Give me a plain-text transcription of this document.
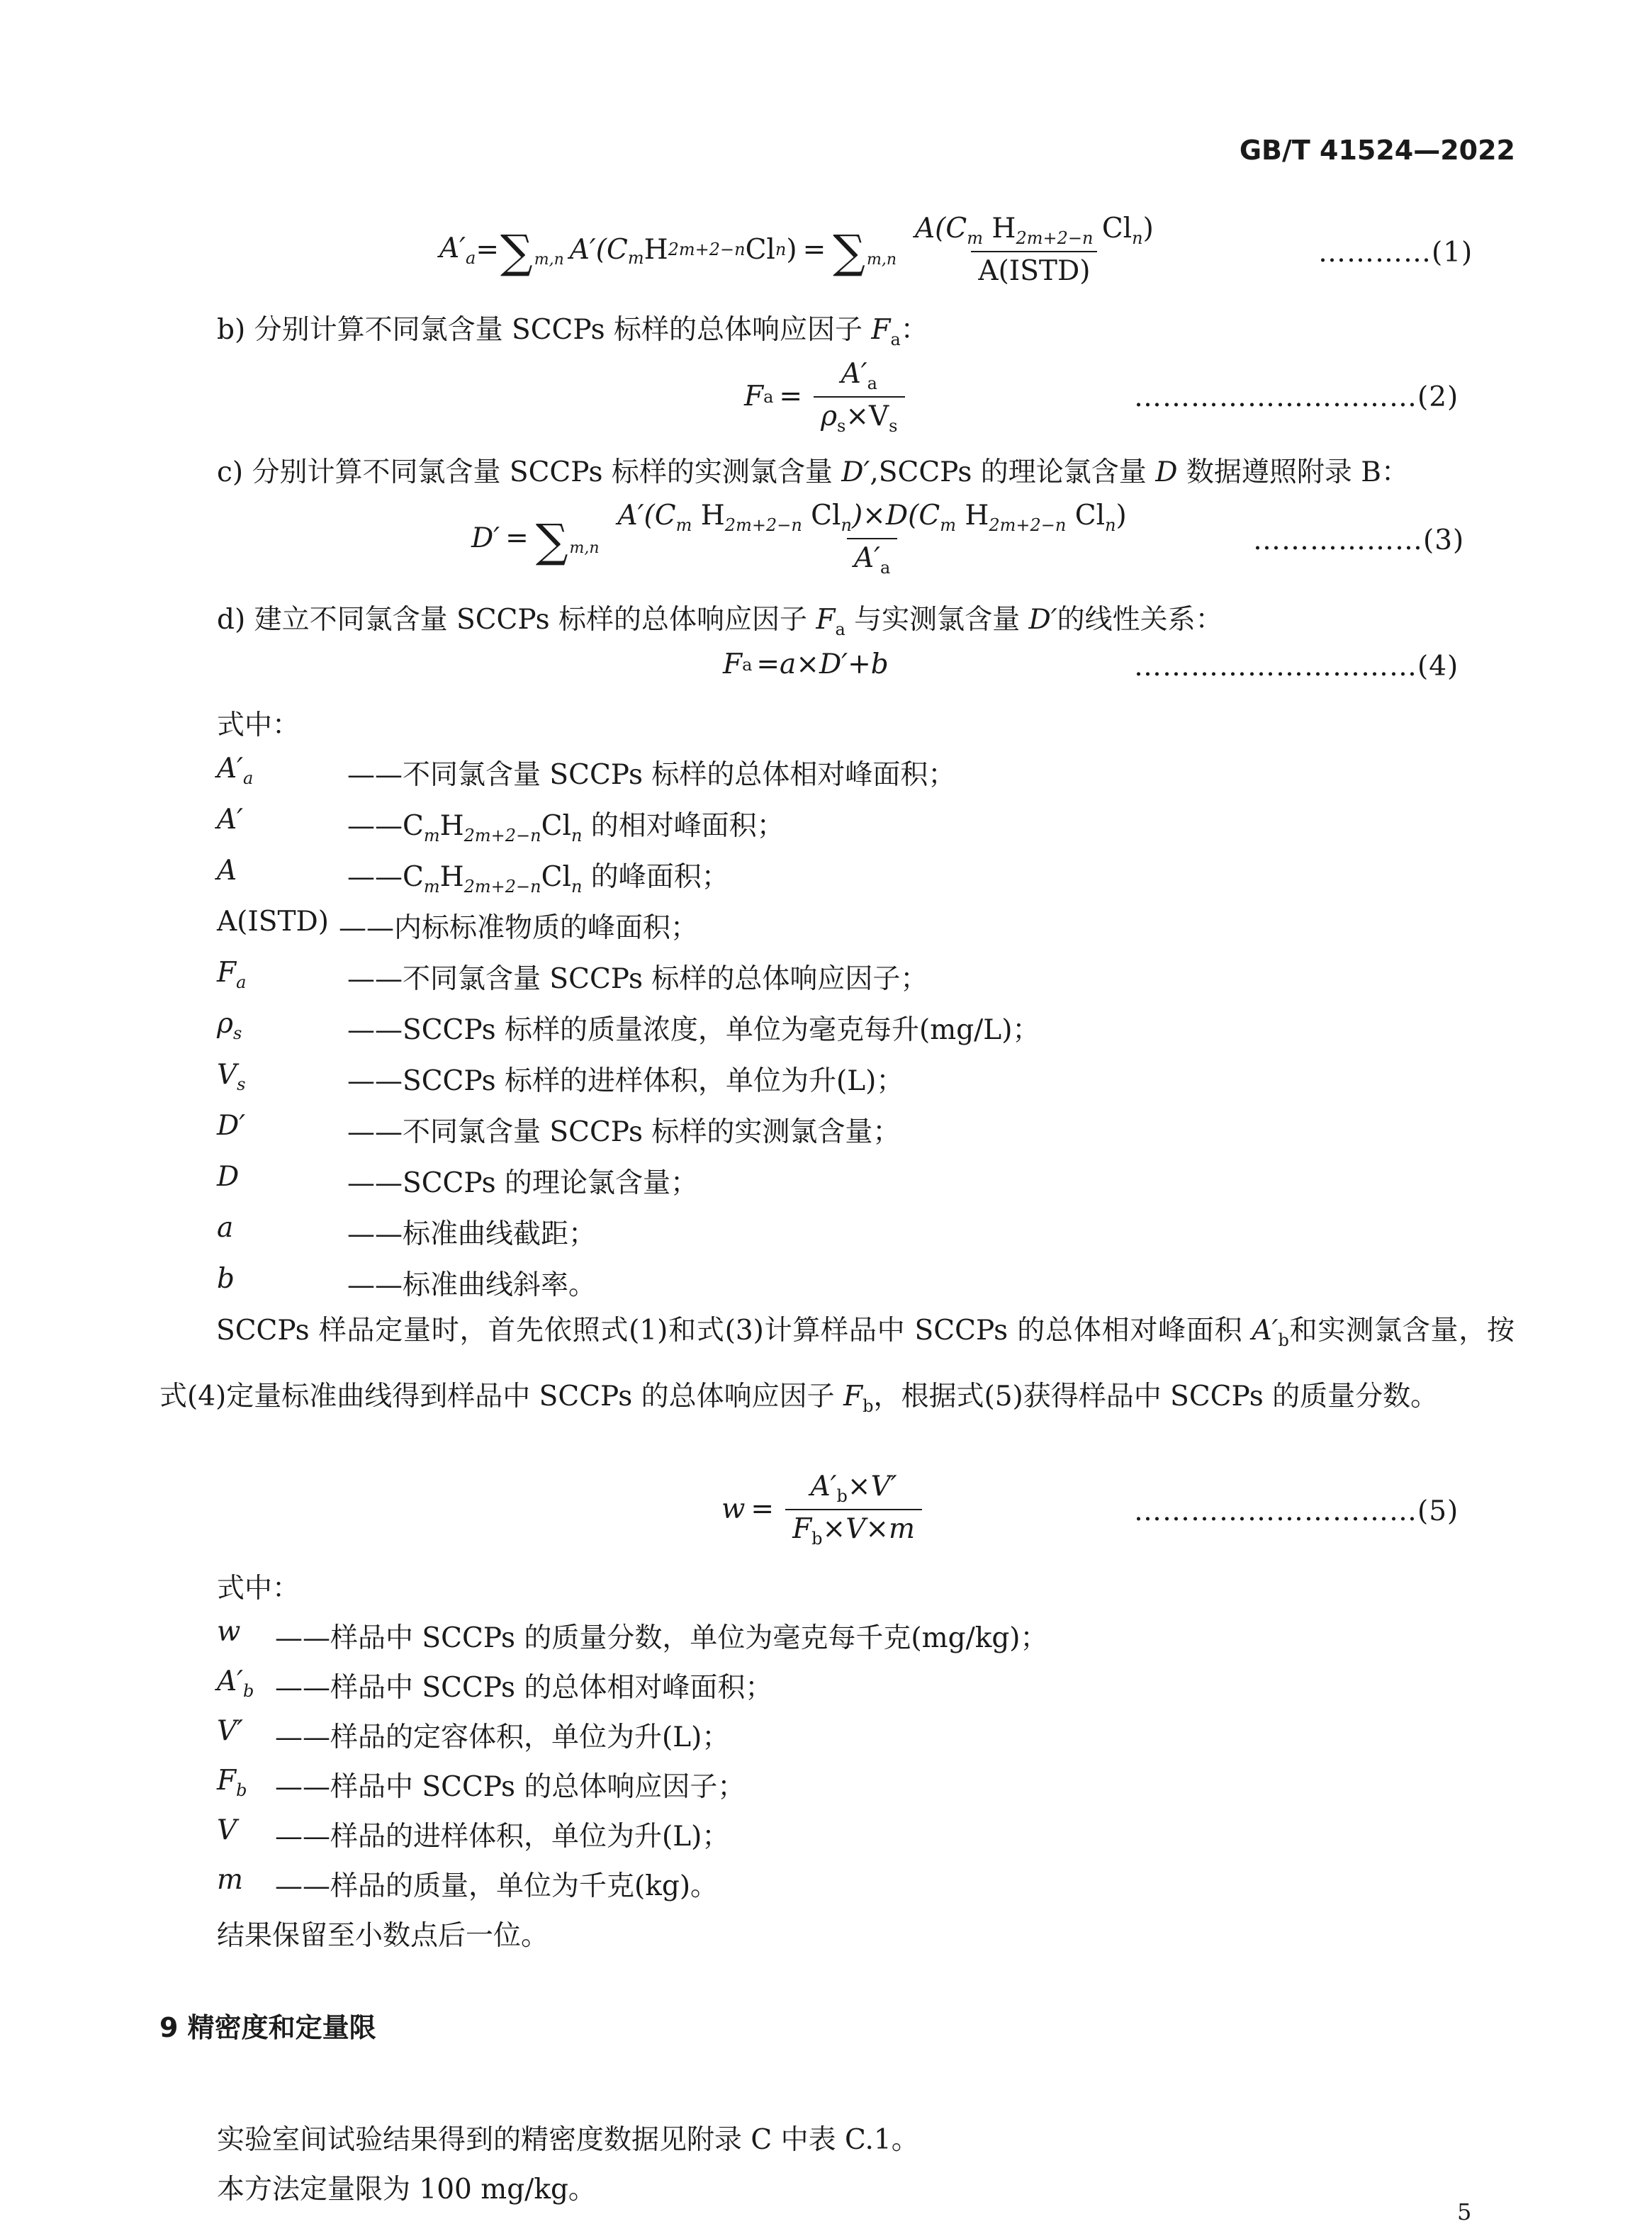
GB/T 41524—2022
$A'_a$ = ∑ m,n A′(C $_m$ H 2m+2−n Cl n ) = ∑ $m,n \frac{A(C_m H_{2m+2-n} Cl_n)}{\text{A(ISTD)}}$	…………(1)
b) 分别计算不同氯含量 SCCPs 标样的总体响应因子 $F_a$：
F $a = \frac{A'_a}{\rho_s\times V_s}$	…………………………(2)
c) 分别计算不同氯含量 SCCPs 标样的实测氯含量 D′,SCCPs 的理论氯含量 D 数据遵照附录 B：
D′ = ∑ $m,n \frac{A'(C_m H_{2m+2-n} Cl_n)\times D(C_m H_{2m+2-n} Cl_n)}{A'_a}$	………………(3)
d) 建立不同氯含量 SCCPs 标样的总体响应因子 $F_a$ 与实测氯含量 D′的线性关系：
F a =a×D′+b	…………………………(4)
式中：
$A'_a$	——不同氯含量 SCCPs 标样的总体相对峰面积；
A′	$——C_mH_{2m+2-n}Cl_n$ 的相对峰面积；
A	$——C_mH_{2m+2-n}Cl_n$ 的峰面积；
A(ISTD) ——内标标准物质的峰面积；
$F_a$	——不同氯含量 SCCPs 标样的总体响应因子；
$\rho_s$	——SCCPs 标样的质量浓度，单位为毫克每升(mg/L)；
$V_s$	——SCCPs 标样的进样体积，单位为升(L)；
D′	——不同氯含量 SCCPs 标样的实测氯含量；
D	——SCCPs 的理论氯含量；
a	——标准曲线截距；
b	——标准曲线斜率。
SCCPs 样品定量时，首先依照式(1)和式(3)计算样品中 SCCPs 的总体相对峰面积 $A'_b$和实测氯含量，按式(4)定量标准曲线得到样品中 SCCPs 的总体响应因子 $F_b$，根据式(5)获得样品中 SCCPs 的质量分数。
$w = \frac{A'_b\times V'}{F_b\times V\times m}$	…………………………(5)
式中：
w ——样品中 SCCPs 的质量分数，单位为毫克每千克(mg/kg)；
$A'_b$ ——样品中 SCCPs 的总体相对峰面积；
V′ ——样品的定容体积，单位为升(L)；
$F_b$ ——样品中 SCCPs 的总体响应因子；
V ——样品的进样体积，单位为升(L)；
m ——样品的质量，单位为千克(kg)。
结果保留至小数点后一位。
9 精密度和定量限
实验室间试验结果得到的精密度数据见附录 C 中表 C.1。
本方法定量限为 100 mg/kg。
5
